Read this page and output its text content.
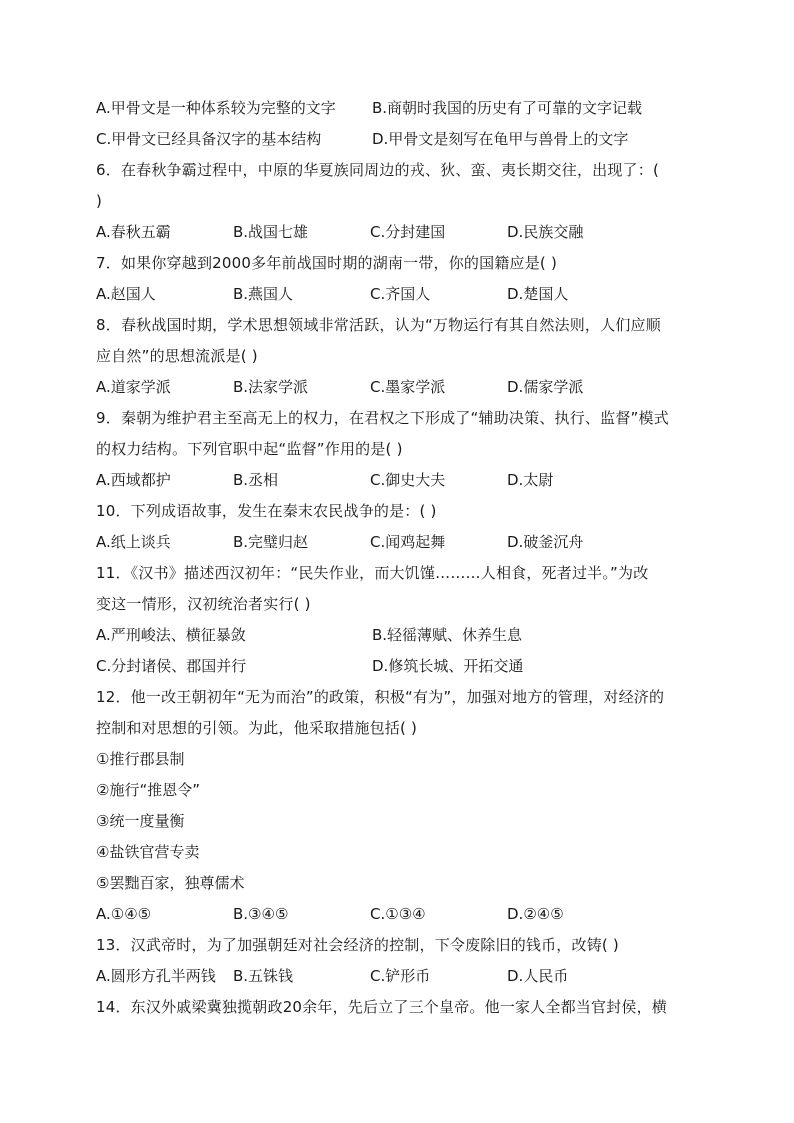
A.甲骨文是一种体系较为完整的文字	B.商朝时我国的历史有了可靠的文字记载
C.甲骨文已经具备汉字的基本结构	D.甲骨文是刻写在龟甲与兽骨上的文字
6．在春秋争霸过程中，中原的华夏族同周边的戎、狄、蛮、夷长期交往，出现了：(
)
A.春秋五霸	B.战国七雄	C.分封建国	D.民族交融
7．如果你穿越到2000多年前战国时期的湖南一带，你的国籍应是( )
A.赵国人	B.燕国人	C.齐国人	D.楚国人
8．春秋战国时期，学术思想领域非常活跃，认为“万物运行有其自然法则，人们应顺
应自然”的思想流派是( )
A.道家学派	B.法家学派	C.墨家学派	D.儒家学派
9．秦朝为维护君主至高无上的权力，在君权之下形成了“辅助决策、执行、监督”模式
的权力结构。下列官职中起“监督”作用的是( )
A.西域都护	B.丞相	C.御史大夫	D.太尉
10．下列成语故事，发生在秦末农民战争的是：( )
A.纸上谈兵	B.完璧归赵	C.闻鸡起舞	D.破釜沉舟
11．《汉书》描述西汉初年：“民失作业，而大饥馑………人相食，死者过半。”为改
变这一情形，汉初统治者实行( )
A.严刑峻法、横征暴敛	B.轻徭薄赋、休养生息
C.分封诸侯、郡国并行	D.修筑长城、开拓交通
12．他一改王朝初年“无为而治”的政策，积极“有为”，加强对地方的管理，对经济的
控制和对思想的引领。为此，他采取措施包括( )
①推行郡县制
②施行“推恩令”
③统一度量衡
④盐铁官营专卖
⑤罢黜百家，独尊儒术
A.①④⑤	B.③④⑤	C.①③④	D.②④⑤
13．汉武帝时，为了加强朝廷对社会经济的控制，下令废除旧的钱币，改铸( )
A.圆形方孔半两钱	B.五铢钱	C.铲形币	D.人民币
14．东汉外戚梁冀独揽朝政20余年，先后立了三个皇帝。他一家人全都当官封侯，横
